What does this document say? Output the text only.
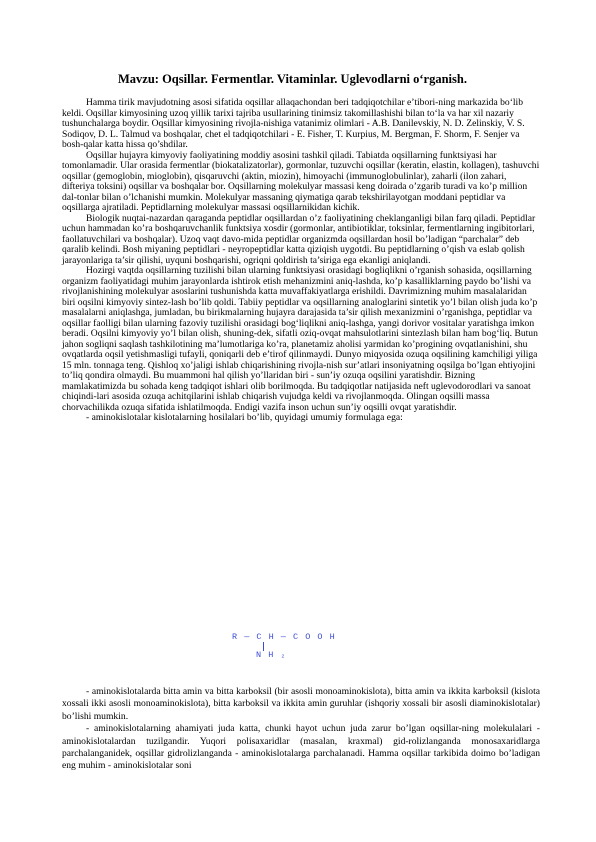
Mavzu: Oqsillar. Fermentlar. Vitaminlar. Uglevodlarni o‘rganish.

Hamma tirik mavjudotning asosi sifatida oqsillar allaqachondan beri tadqiqotchilar e’tibori-ning markazida bo‘lib keldi. Oqsillar kimyosining uzoq yillik tarixi tajriba usullarining tinimsiz takomillashishi bilan to‘la va har xil nazariy tushunchalarga boydir. Oqsillar kimyosining rivojla-nishiga vatanimiz olimlari - A.B. Danilevskiy, N. D. Zelinskiy, V. S. Sodiqov, D. L. Talmud va boshqalar, chet el tadqiqotchilari - E. Fisher, T. Kurpius, M. Bergman, F. Shorm, F. Senjer va bosh-qalar katta hissa qo’shdilar.

Oqsillar hujayra kimyoviy faoliyatining moddiy asosini tashkil qiladi. Tabiatda oqsillarning funktsiyasi har tomonlamadir. Ular orasida fermentlar (biokatalizatorlar), gormonlar, tuzuvchi oqsillar (keratin, elastin, kollagen), tashuvchi oqsillar (gemoglobin, mioglobin), qisqaruvchi (aktin, miozin), himoyachi (immunoglobulinlar), zaharli (ilon zahari, difteriya toksini) oqsillar va boshqalar bor. Oqsillarning molekulyar massasi keng doirada o’zgarib turadi va ko’p million dal-tonlar bilan o’lchanishi mumkin. Molekulyar massaning qiymatiga qarab tekshirilayotgan moddani peptidlar va oqsillarga ajratiladi. Peptidlarning molekulyar massasi oqsillarnikidan kichik.

Biologik nuqtai-nazardan qaraganda peptidlar oqsillardan o’z faoliyatining cheklanganligi bilan farq qiladi. Peptidlar uchun hammadan ko’ra boshqaruvchanlik funktsiya xosdir (gormonlar, antibiotiklar, toksinlar, fermentlarning ingibitorlari, faollatuvchilari va boshqalar). Uzoq vaqt davo-mida peptidlar organizmda oqsillardan hosil bo’ladigan “parchalar” deb qaralib kelindi. Bosh miyaning peptidlari - neyropeptidlar katta qiziqish uygotdi. Bu peptidlarning o’qish va eslab qolish jarayonlariga ta’sir qilishi, uyquni boshqarishi, ogriqni qoldirish ta’siriga ega ekanligi aniqlandi.

Hozirgi vaqtda oqsillarning tuzilishi bilan ularning funktsiyasi orasidagi bogliqlikni o’rganish sohasida, oqsillarning organizm faoliyatidagi muhim jarayonlarda ishtirok etish mehanizmini aniq-lashda, ko’p kasalliklarning paydo bo’lishi va rivojlanishining molekulyar asoslarini tushunishda katta muvaffakiyatlarga erishildi. Davrimizning muhim masalalaridan biri oqsilni kimyoviy sintez-lash bo’lib qoldi. Tabiiy peptidlar va oqsillarning analoglarini sintetik yo’l bilan olish juda ko’p masalalarni aniqlashga, jumladan, bu birikmalarning hujayra darajasida ta’sir qilish mexanizmini o’rganishga, peptidlar va oqsillar faolligi bilan ularning fazoviy tuzilishi orasidagi bog‘liqlikni aniq-lashga, yangi dorivor vositalar yaratishga imkon beradi. Oqsilni kimyoviy yo’l bilan olish, shuning-dek, sifatli oziq-ovqat mahsulotlarini sintezlash bilan ham bog‘liq. Butun jahon sogliqni saqlash tashkilotining ma’lumotlariga ko’ra, planetamiz aholisi yarmidan ko’progining ovqatlanishini, shu ovqatlarda oqsil yetishmasligi tufayli, qoniqarli deb e’tirof qilinmaydi. Dunyo miqyosida ozuqa oqsilining kamchiligi yiliga 15 mln. tonnaga teng. Qishloq xo’jaligi ishlab chiqarishining rivojla-nish sur’atlari insoniyatning oqsilga bo’lgan ehtiyojini to’liq qondira olmaydi. Bu muammoni hal qilish yo’llaridan biri - sun’iy ozuqa oqsilini yaratishdir. Bizning mamlakatimizda bu sohada keng tadqiqot ishlari olib borilmoqda. Bu tadqiqotlar natijasida neft uglevodorodlari va sanoat chiqindi-lari asosida ozuqa achitqilarini ishlab chiqarish vujudga keldi va rivojlanmoqda. Olingan oqsilli massa chorvachilikda ozuqa sifatida ishlatilmoqda. Endigi vazifa inson uchun sun’iy oqsilli ovqat yaratishdir.

- aminokislotalar kislotalarning hosilalari bo’lib, quyidagi umumiy formulaga ega:

R — C H — C O O H
N H ₂

- aminokislotalarda bitta amin va bitta karboksil (bir asosli monoaminokislota), bitta amin va ikkita karboksil (kislota xossali ikki asosli monoaminokislota), bitta karboksil va ikkita amin guruhlar (ishqoriy xossali bir asosli diaminokislotalar) bo’lishi mumkin.

- aminokislotalarning ahamiyati juda katta, chunki hayot uchun juda zarur bo’lgan oqsillar-ning molekulalari -aminokislotalardan tuzilgandir. Yuqori polisaxaridlar (masalan, kraxmal) gid-rolizlanganda monosaxaridlarga parchalanganidek, oqsillar gidrolizlanganda - aminokislotalarga parchalanadi. Hamma oqsillar tarkibida doimo bo’ladigan eng muhim - aminokislotalar soni
